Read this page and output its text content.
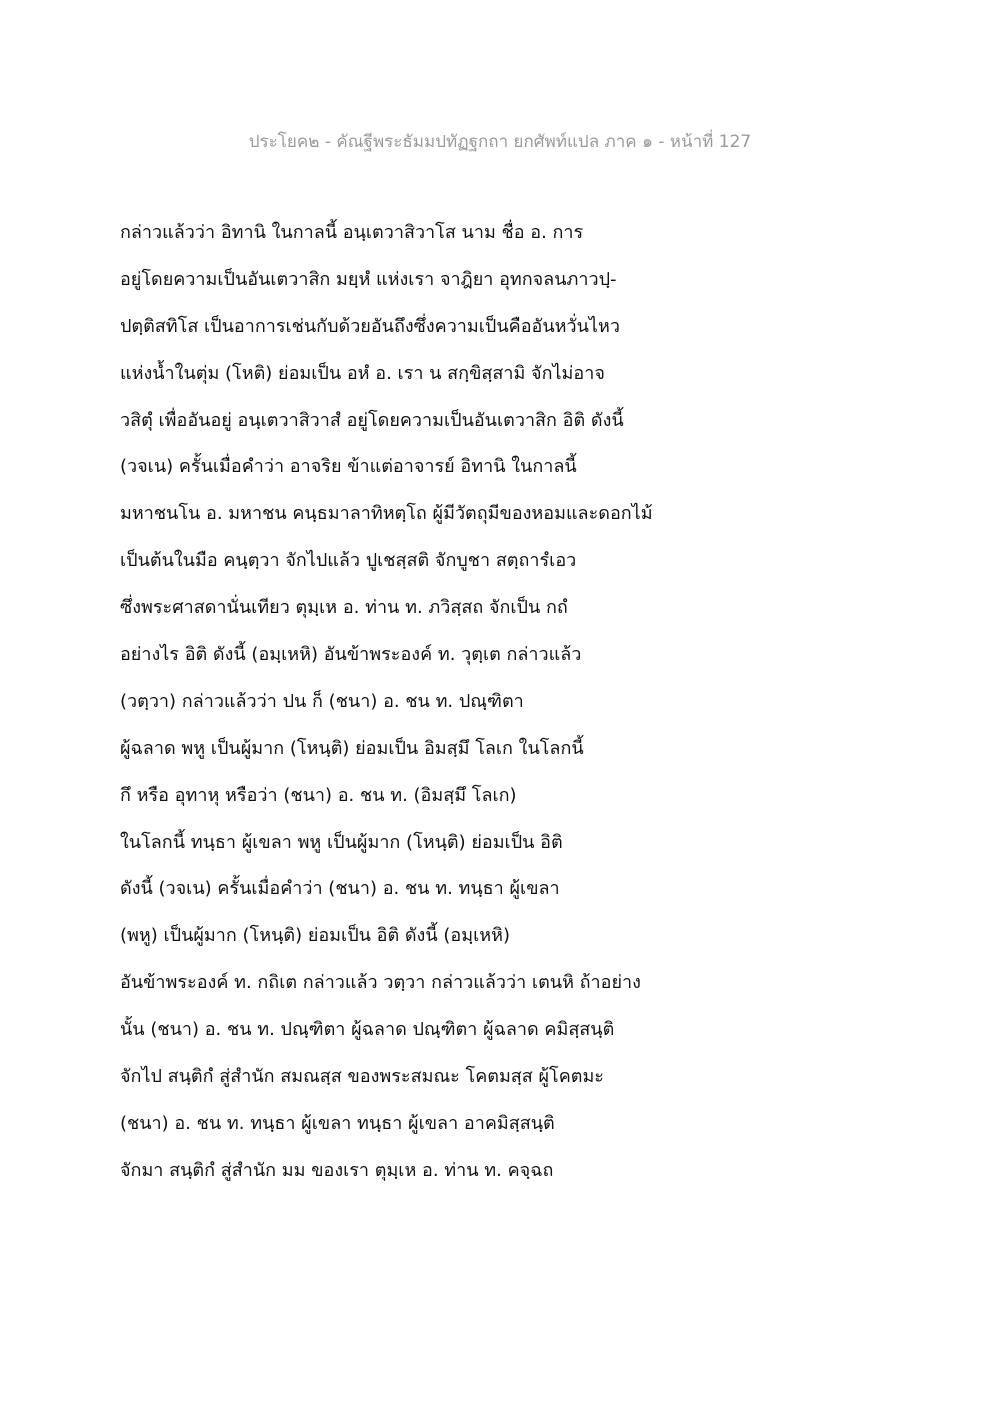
ประโยค๒ - คัณฐีพระธัมมปทัฏฐกถา ยกศัพท์แปล ภาค ๑ - หน้าที่ 127
กล่าวแล้วว่า อิทานิ ในกาลนี้ อนฺเตวาสิวาโส นาม ชื่อ อ. การ
อยู่โดยความเป็นอันเตวาสิก มยฺหํ แห่งเรา จาฎิยา อุทกจลนภาวปฺ-
ปตฺติสทิโส เป็นอาการเช่นกับด้วยอันถึงซึ่งความเป็นคืออันหวั่นไหว
แห่งน้ำในตุ่ม (โหติ) ย่อมเป็น อหํ อ. เรา น สกฺขิสฺสามิ จักไม่อาจ
วสิตุํ เพื่ออันอยู่ อนฺเตวาสิวาสํ อยู่โดยความเป็นอันเตวาสิก อิติ ดังนี้
(วจเน) ครั้นเมื่อคำว่า อาจริย ข้าแต่อาจารย์ อิทานิ ในกาลนี้
มหาชนโน อ. มหาชน คนฺธมาลาทิหตฺโถ ผู้มีวัตถุมีของหอมและดอกไม้
เป็นต้นในมือ คนฺตฺวา จักไปแล้ว ปูเชสฺสติ จักบูชา สตฺถารํเอว
ซึ่งพระศาสดานั่นเทียว ตุมฺเห อ. ท่าน ท. ภวิสฺสถ จักเป็น กถํ
อย่างไร อิติ ดังนี้ (อมฺเหหิ) อันข้าพระองค์ ท. วุตฺเต กล่าวแล้ว
(วตฺวา) กล่าวแล้วว่า ปน ก็ (ชนา) อ. ชน ท. ปณฺฑิตา
ผู้ฉลาด พหู เป็นผู้มาก (โหนฺติ) ย่อมเป็น อิมสฺมึ โลเก ในโลกนี้
กึ หรือ อุทาหุ หรือว่า (ชนา) อ. ชน ท. (อิมสฺมึ โลเก)
ในโลกนี้ ทนฺธา ผู้เขลา พหู เป็นผู้มาก (โหนฺติ) ย่อมเป็น อิติ
ดังนี้ (วจเน) ครั้นเมื่อคำว่า (ชนา) อ. ชน ท. ทนฺธา ผู้เขลา
(พหู) เป็นผู้มาก (โหนฺติ) ย่อมเป็น อิติ ดังนี้ (อมฺเหหิ)
อันข้าพระองค์ ท. กถิเต กล่าวแล้ว วตฺวา กล่าวแล้วว่า เตนหิ ถ้าอย่าง
นั้น (ชนา) อ. ชน ท. ปณฺฑิตา ผู้ฉลาด ปณฺฑิตา ผู้ฉลาด คมิสฺสนฺติ
จักไป สนฺติกํ สู่สำนัก สมณสฺส ของพระสมณะ โคตมสฺส ผู้โคตมะ
(ชนา) อ. ชน ท. ทนฺธา ผู้เขลา ทนฺธา ผู้เขลา อาคมิสฺสนฺติ
จักมา สนฺติกํ สู่สำนัก มม ของเรา ตุมฺเห อ. ท่าน ท. คจฺฉถ
